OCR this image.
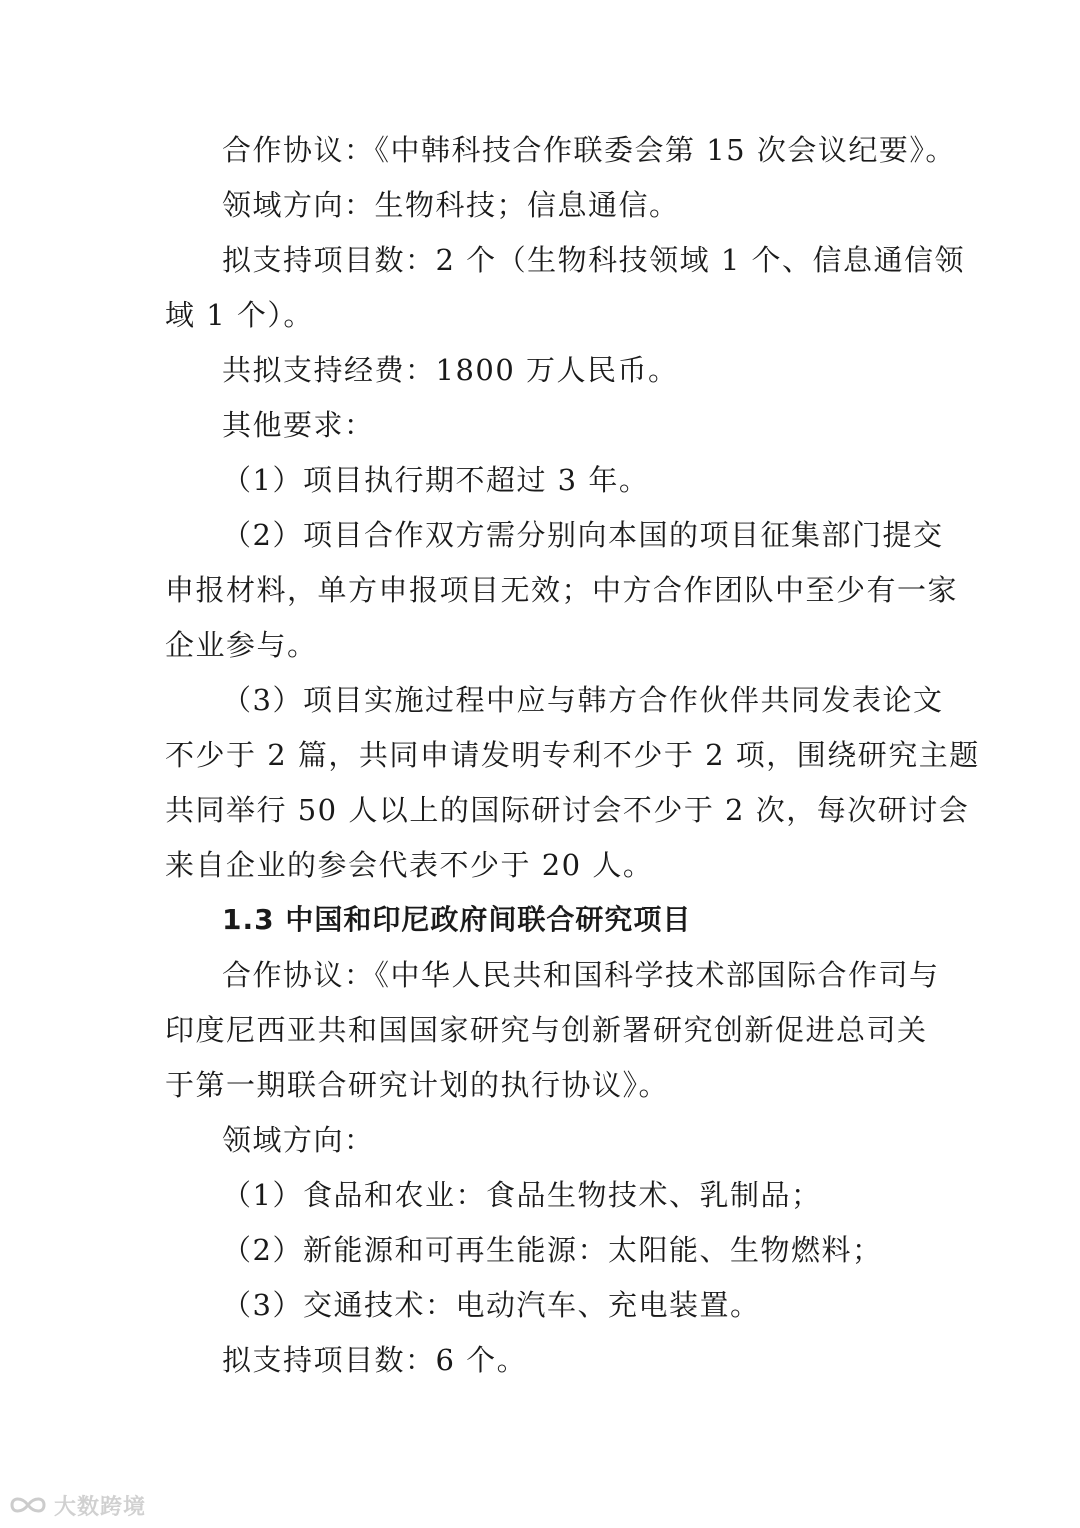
合作协议：《中韩科技合作联委会第 15 次会议纪要》。
领域方向：生物科技；信息通信。
拟支持项目数：2 个（生物科技领域 1 个、信息通信领
域 1 个）。
共拟支持经费：1800 万人民币。
其他要求：
（1）项目执行期不超过 3 年。
（2）项目合作双方需分别向本国的项目征集部门提交
申报材料，单方申报项目无效；中方合作团队中至少有一家
企业参与。
（3）项目实施过程中应与韩方合作伙伴共同发表论文
不少于 2 篇，共同申请发明专利不少于 2 项，围绕研究主题
共同举行 50 人以上的国际研讨会不少于 2 次，每次研讨会
来自企业的参会代表不少于 20 人。
1.3 中国和印尼政府间联合研究项目
合作协议：《中华人民共和国科学技术部国际合作司与
印度尼西亚共和国国家研究与创新署研究创新促进总司关
于第一期联合研究计划的执行协议》。
领域方向：
（1）食品和农业：食品生物技术、乳制品；
（2）新能源和可再生能源：太阳能、生物燃料；
（3）交通技术：电动汽车、充电装置。
拟支持项目数：6 个。
大数跨境
